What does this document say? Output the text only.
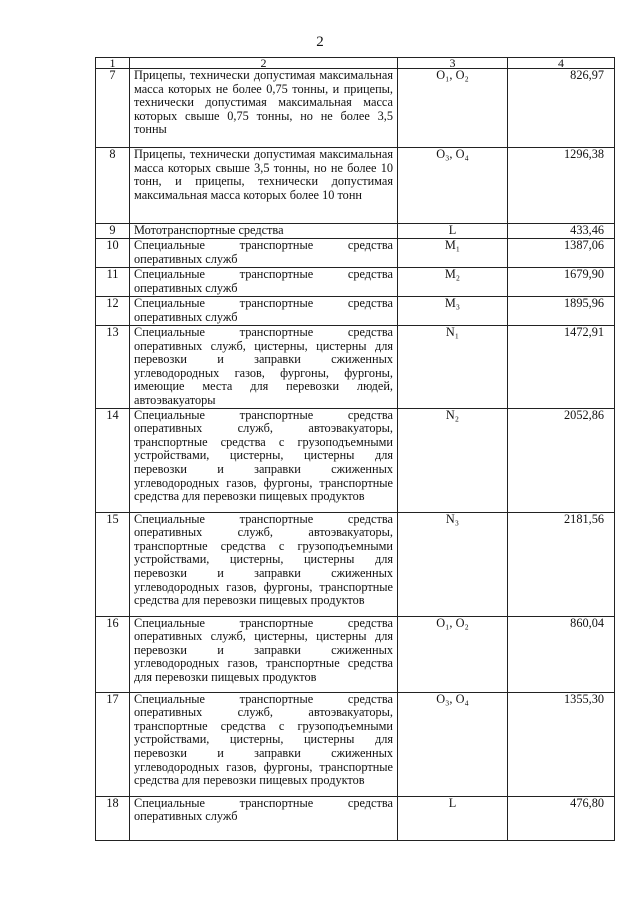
2
1	2	3	4
7	Прицепы, технически допустимая максимальная масса которых не более 0,75 тонны, и прицепы, технически допустимая максимальная масса которых свыше 0,75 тонны, но не более 3,5 тонны	O₁, O₂	826,97
8	Прицепы, технически допустимая максимальная масса которых свыше 3,5 тонны, но не более 10 тонн, и прицепы, технически допустимая максимальная масса которых более 10 тонн	O₃, O₄	1296,38
9	Мототранспортные средства	L	433,46
10	Специальные транспортные средства оперативных служб	M₁	1387,06
11	Специальные транспортные средства оперативных служб	M₂	1679,90
12	Специальные транспортные средства оперативных служб	M₃	1895,96
13	Специальные транспортные средства оперативных служб, цистерны, цистерны для перевозки и заправки сжиженных углеводородных газов, фургоны, фургоны, имеющие места для перевозки людей, автоэвакуаторы	N₁	1472,91
14	Специальные транспортные средства оперативных служб, автоэвакуаторы, транспортные средства с грузоподъемными устройствами, цистерны, цистерны для перевозки и заправки сжиженных углеводородных газов, фургоны, транспортные средства для перевозки пищевых продуктов	N₂	2052,86
15	Специальные транспортные средства оперативных служб, автоэвакуаторы, транспортные средства с грузоподъемными устройствами, цистерны, цистерны для перевозки и заправки сжиженных углеводородных газов, фургоны, транспортные средства для перевозки пищевых продуктов	N₃	2181,56
16	Специальные транспортные средства оперативных служб, цистерны, цистерны для перевозки и заправки сжиженных углеводородных газов, транспортные средства для перевозки пищевых продуктов	O₁, O₂	860,04
17	Специальные транспортные средства оперативных служб, автоэвакуаторы, транспортные средства с грузоподъемными устройствами, цистерны, цистерны для перевозки и заправки сжиженных углеводородных газов, фургоны, транспортные средства для перевозки пищевых продуктов	O₃, O₄	1355,30
18	Специальные транспортные средства оперативных служб	L	476,80
